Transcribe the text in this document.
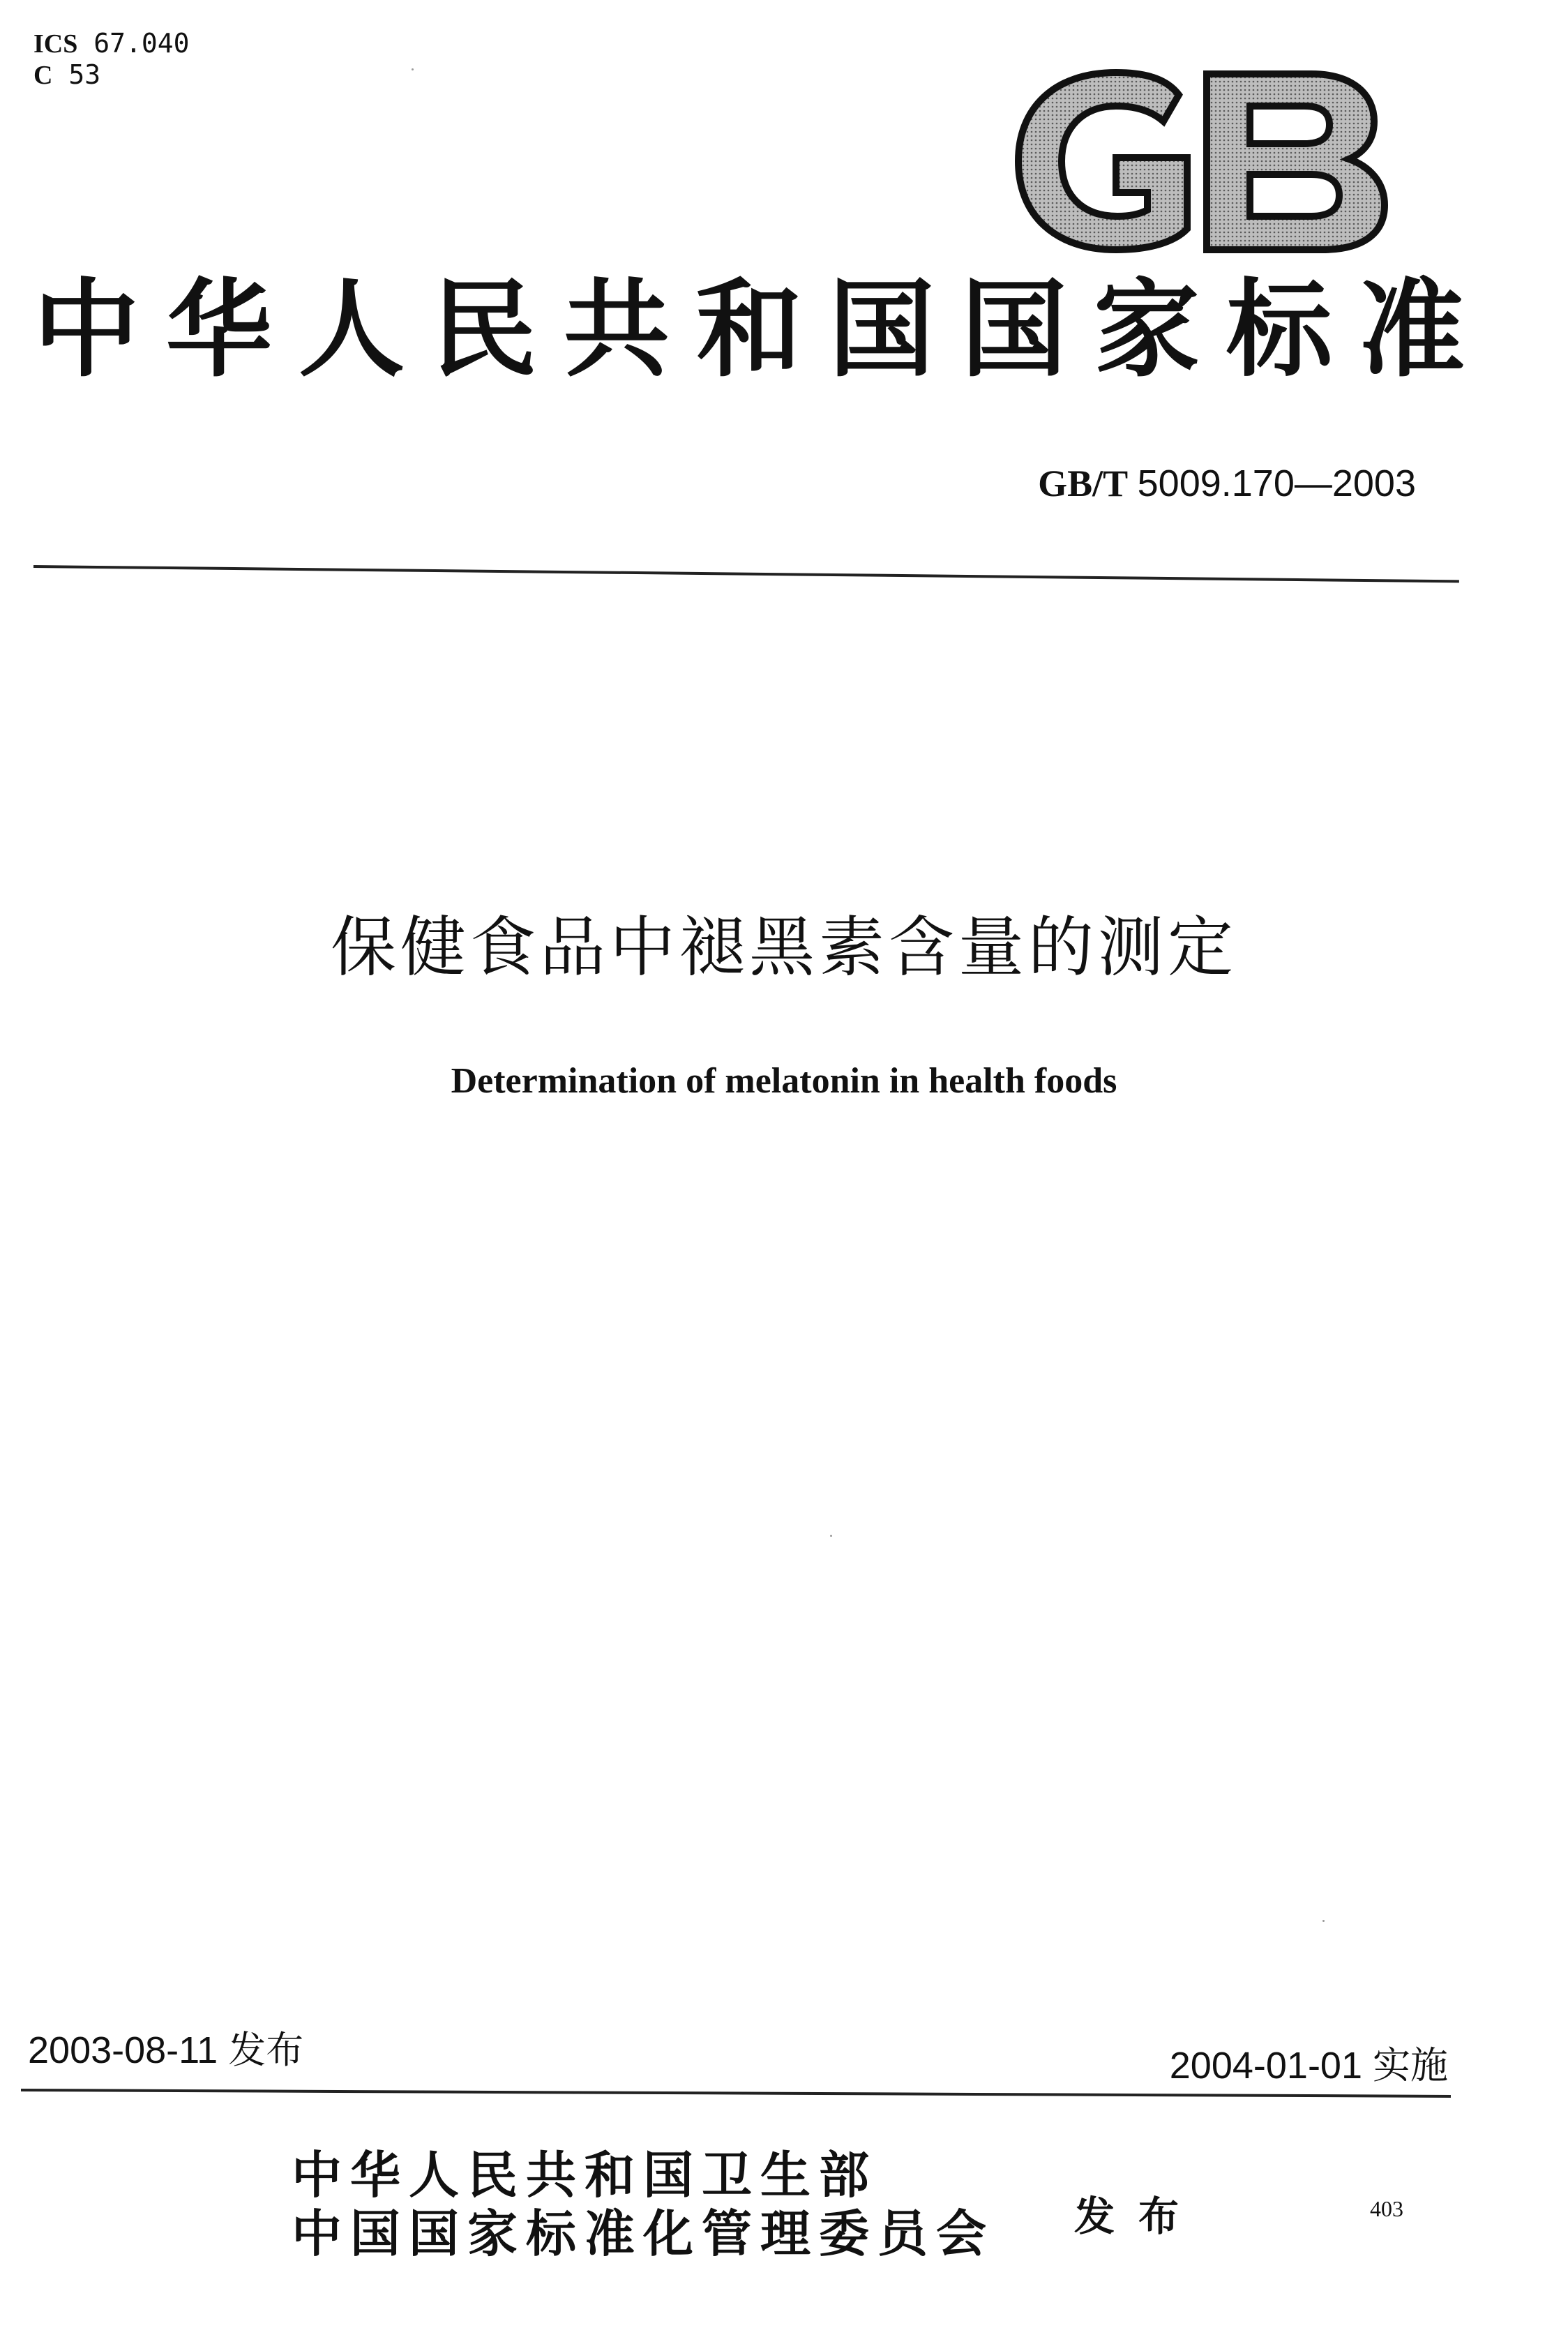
ICS 67.040
C 53
中华人民共和国国家标准
GB/T 5009.170—2003
保健食品中褪黑素含量的测定
Determination of melatonin in health foods
2003-08-11 发布	2004-01-01 实施
中华人民共和国卫生部
中国国家标准化管理委员会 发布	403
